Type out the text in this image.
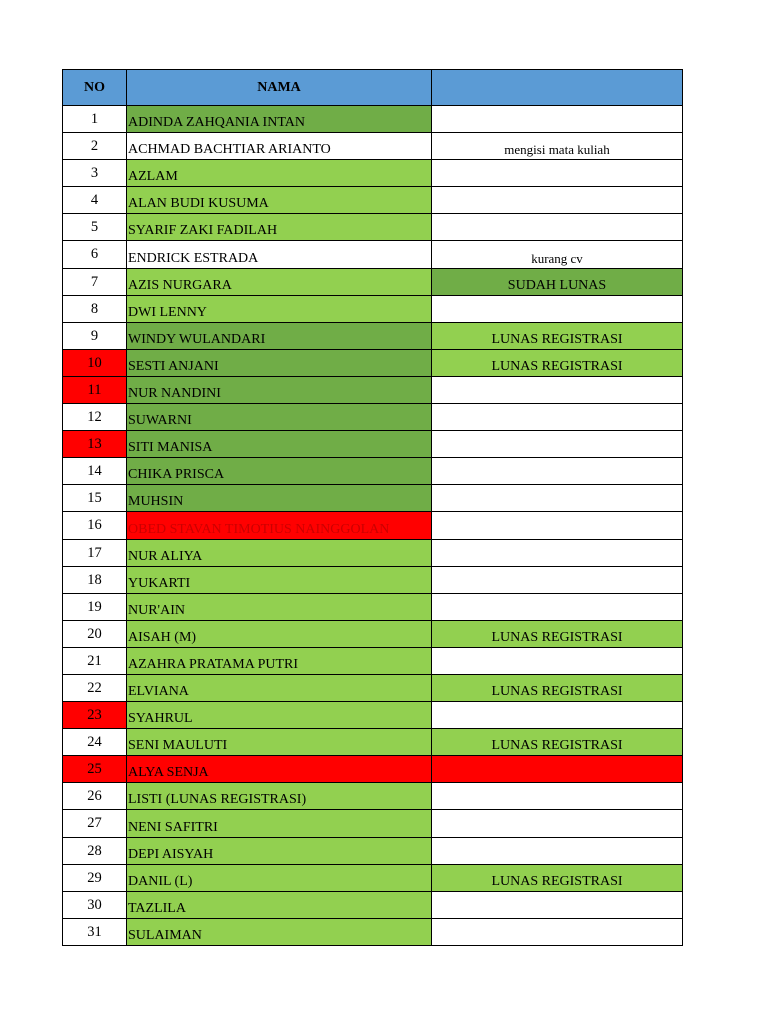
NO	NAMA	
1	ADINDA ZAHQANIA INTAN	
2	ACHMAD BACHTIAR ARIANTO	mengisi mata kuliah
3	AZLAM	
4	ALAN BUDI KUSUMA	
5	SYARIF ZAKI FADILAH	
6	ENDRICK ESTRADA	kurang cv
7	AZIS NURGARA	SUDAH LUNAS
8	DWI LENNY	
9	WINDY WULANDARI	LUNAS REGISTRASI
10	SESTI ANJANI	LUNAS REGISTRASI
11	NUR NANDINI	
12	SUWARNI	
13	SITI MANISA	
14	CHIKA PRISCA	
15	MUHSIN	
16	OBED STAVAN TIMOTIUS NAINGGOLAN	
17	NUR ALIYA	
18	YUKARTI	
19	NUR'AIN	
20	AISAH (M)	LUNAS REGISTRASI
21	AZAHRA PRATAMA PUTRI	
22	ELVIANA	LUNAS REGISTRASI
23	SYAHRUL	
24	SENI MAULUTI	LUNAS REGISTRASI
25	ALYA SENJA	
26	LISTI (LUNAS REGISTRASI)	
27	NENI SAFITRI	
28	DEPI AISYAH	
29	DANIL (L)	LUNAS REGISTRASI
30	TAZLILA	
31	SULAIMAN	
